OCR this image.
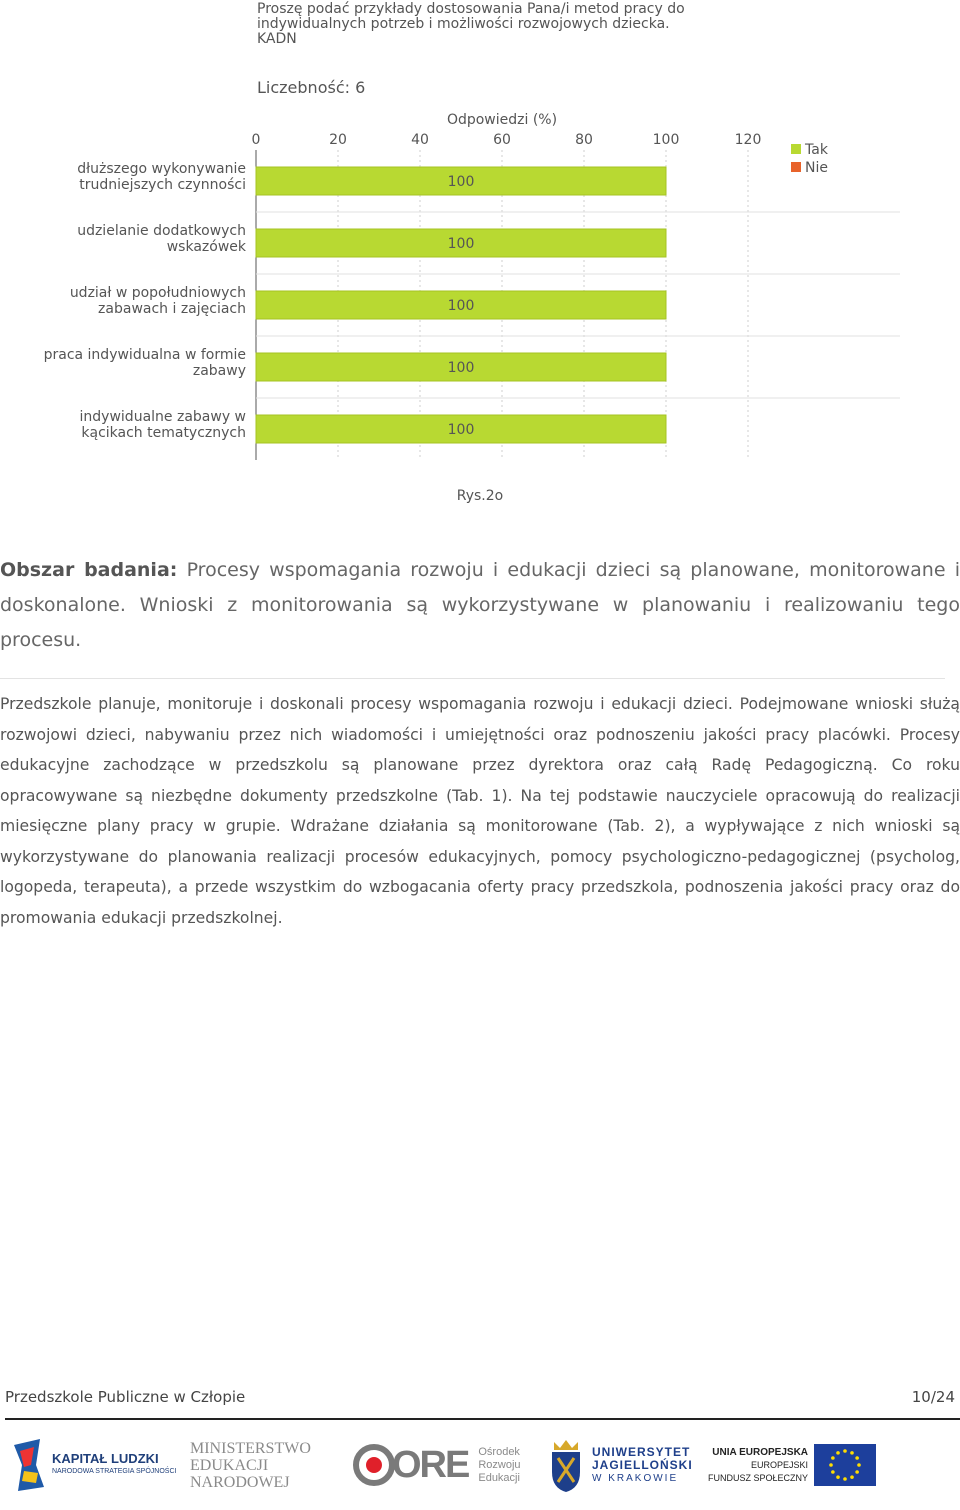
Proszę podać przykłady dostosowania Pana/i metod pracy do
indywidualnych potrzeb i możliwości rozwojowych dziecka.
KADN
Liczebność: 6
Odpowiedzi (%)
0	20	40	60	80	100	120
dłuższego wykonywanie
trudniejszych czynności	100
udzielanie dodatkowych
wskazówek	100
udział w popołudniowych
zabawach i zajęciach	100
praca indywidualna w formie
zabawy	100
indywidualne zabawy w
kącikach tematycznych	100
Tak
Nie
Rys.2o
Obszar badania: Procesy wspomagania rozwoju i edukacji dzieci są planowane, monitorowane i doskonalone. Wnioski z monitorowania są wykorzystywane w planowaniu i realizowaniu tego procesu.
Przedszkole planuje, monitoruje i doskonali procesy wspomagania rozwoju i edukacji dzieci. Podejmowane wnioski służą rozwojowi dzieci, nabywaniu przez nich wiadomości i umiejętności oraz podnoszeniu jakości pracy placówki. Procesy edukacyjne zachodzące w przedszkolu są planowane przez dyrektora oraz całą Radę Pedagogiczną. Co roku opracowywane są niezbędne dokumenty przedszkolne (Tab. 1). Na tej podstawie nauczyciele opracowują do realizacji miesięczne plany pracy w grupie. Wdrażane działania są monitorowane (Tab. 2), a wypływające z nich wnioski są wykorzystywane do planowania realizacji procesów edukacyjnych, pomocy psychologiczno-pedagogicznej (psycholog, logopeda, terapeuta), a przede wszystkim do wzbogacania oferty pracy przedszkola, podnoszenia jakości pracy oraz do promowania edukacji przedszkolnej.
Przedszkole Publiczne w Człopie	10/24
KAPITAŁ LUDZKI
NARODOWA STRATEGIA SPÓJNOŚCI
MINISTERSTWO
EDUKACJI
NARODOWEJ	ORE Ośrodek
Rozwoju
Edukacji
UNIWERSYTET
JAGIELLOŃSKI
W KRAKOWIE
UNIA EUROPEJSKA
EUROPEJSKI
FUNDUSZ SPOŁECZNY
